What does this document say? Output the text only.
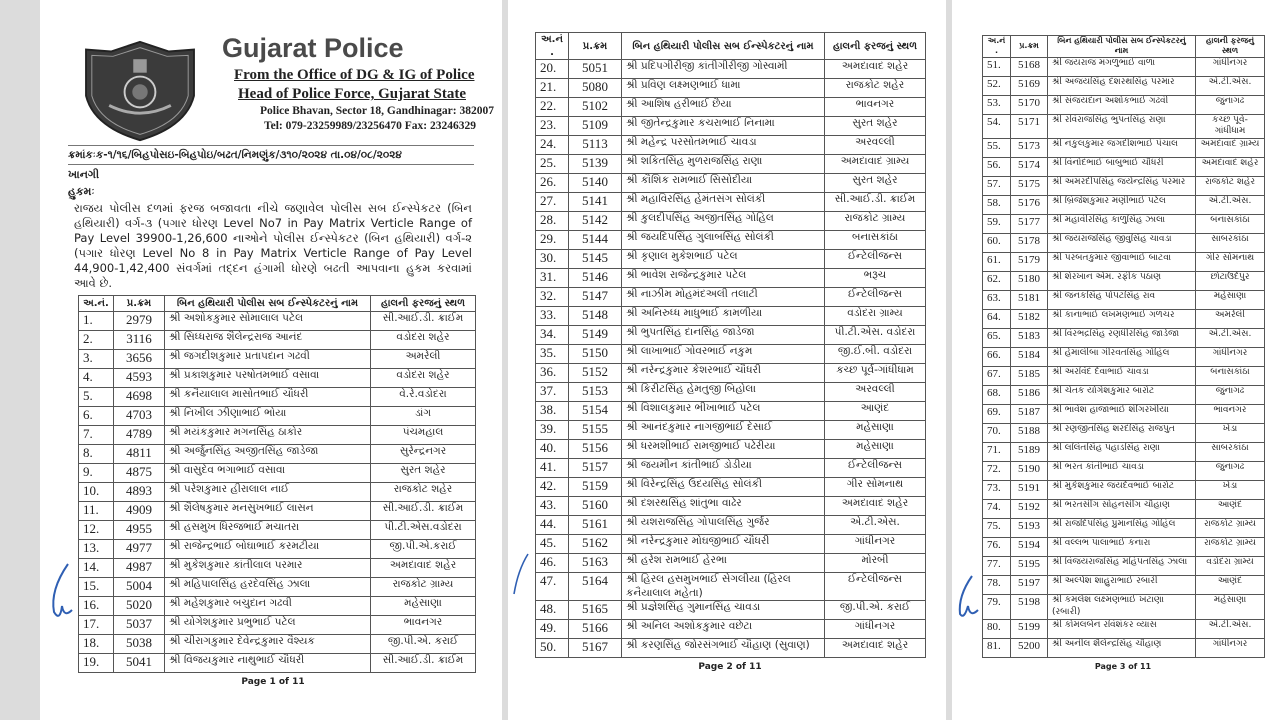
Gujarat Police
From the Office of DG & IG of Police
Head of Police Force, Gujarat State
Police Bhavan, Sector 18, Gandhinagar: 382007
Tel: 079-23259989/23256470 Fax: 23246329
ક્રમાંકઃક-૧/૧૬/બિહપોસઇ-બિહપોઇ/બઢત/નિમણુંક/૩૧૦/૨૦૨૪ તા.૦૪/૦૮/૨૦૨૪
ખાનગી
હુકમઃ
રાજય પોલીસ દળમાં ફરજ બજાવતા નીચે જણાવેલ પોલીસ સબ ઈન્સ્પેકટર (બિન હથિયારી) વર્ગ-૩ (પગાર ધોરણ Level No7 in Pay Matrix Verticle Range of Pay Level 39900-1,26,600 નાઓને પોલીસ ઈન્સ્પેકટર (બિન હથિયારી) વર્ગ-૨ (પગાર ધોરણ Level No 8 in Pay Matrix Verticle Range of Pay Level 44,900-1,42,400 સંવર્ગમાં તદ્દન હંગામી ધોરણે બઢતી આપવાના હુકમ કરવામાં આવે છે.
અ.નં.	પ્ર.ક્રમ	બિન હથિયારી પોલીસ સબ ઈન્સ્પેકટરનું નામ	હાલની ફરજનું સ્થળ
1.	2979	શ્રી અશોકકુમાર સોમાલાલ પટેલ	સી.આઈ.ડી. ક્રાઈમ
2.	3116	શ્રી સિધ્ધરાજ શૈલેન્દ્રરાજ આનંદ	વડોદરા શહેર
3.	3656	શ્રી જગદીશકુમાર પ્રતાપદાન ગઢવી	અમરેલી
4.	4593	શ્રી પ્રકાશકુમાર પરષોતમભાઈ વસાવા	વડોદરા શહેર
5.	4698	શ્રી કનૈયાલાલ માસોતભાઈ ચૌધરી	વે.રે.વડોદરા
6.	4703	શ્રી નિખીલ ઝીણાભાઈ ભોયા	ડાંગ
7.	4789	શ્રી મયંકકુમાર મગનસિંહ ઠાકોર	પંચમહાલ
8.	4811	શ્રી અર્જુનસિંહ અજીતસિંહ જાડેજા	સુરેન્દ્રનગર
9.	4875	શ્રી વાસુદેવ ભગાભાઈ વસાવા	સુરત શહેર
10.	4893	શ્રી પરેશકુમાર હીરાલાલ નાઈ	રાજકોટ શહેર
11.	4909	શ્રી શૈલેષકુમાર મનસુખભાઈ લાસન	સી.આઈ.ડી. ક્રાઈમ
12.	4955	શ્રી હસમુખ ધિરજભાઈ મચાતરા	પી.ટી.એસ.વડોદરા
13.	4977	શ્રી રાજેન્દ્રભાઈ બોઘાભાઈ કરમટીયા	જી.પી.એ.કરાઈ
14.	4987	શ્રી મુકેશકુમાર કાંતીલાલ પરમાર	અમદાવાદ શહેર
15.	5004	શ્રી મહિપાલસિંહ હરદેવસિંહ ઝાલા	રાજકોટ ગ્રામ્ય
16.	5020	શ્રી મહેશકુમાર બચુદાન ગઢવી	મહેસાણા
17.	5037	શ્રી યોગેશકુમાર પ્રભુભાઈ પટેલ	ભાવનગર
18.	5038	શ્રી ચીરાગકુમાર દેવેન્દ્રકુમાર વૈશ્યક	જી.પી.એ. કરાઈ
19.	5041	શ્રી વિજયકુમાર નાથુભાઈ ચૌધરી	સી.આઈ.ડી. ક્રાઈમ
Page 1 of 11
અ.નં.	પ્ર.ક્રમ	બિન હથિયારી પોલીસ સબ ઈન્સ્પેકટરનું નામ	હાલની ફરજનું સ્થળ
20.	5051	શ્રી પ્રદિપગીરીજી કાંતીગીરીજી ગોસ્વામી	અમદાવાદ શહેર
21.	5080	શ્રી પ્રવિણ લક્ષ્મણભાઈ ધામા	રાજકોટ શહેર
22.	5102	શ્રી આશિષ હરીભાઈ છૈયા	ભાવનગર
23.	5109	શ્રી જીતેન્દ્રકુમાર કચરાભાઈ નિનામા	સુરત શહેર
24.	5113	શ્રી મહેન્દ્ર પરસોતમભાઈ ચાવડા	અરવલ્લી
25.	5139	શ્રી શકિતસિંહ મુળરાજસિંહ રાણા	અમદાવાદ ગ્રામ્ય
26.	5140	શ્રી કૌશિક રામભાઈ સિસોદીયા	સુરત શહેર
27.	5141	શ્રી મહાવિરસિંહ હેમંતસંગ સોલંકી	સી.આઈ.ડી. ક્રાઈમ
28.	5142	શ્રી કુલદીપસિંહ અજીતસિંહ ગોહિલ	રાજકોટ ગ્રામ્ય
29.	5144	શ્રી જયદિપસિંહ ગુલાબસિંહ સોલંકી	બનાસકાંઠા
30.	5145	શ્રી કૃણાલ મુકેશભાઈ પટેલ	ઈન્ટેલીજન્સ
31.	5146	શ્રી ભાવેશ રાજેન્દ્રકુમાર પટેલ	ભરૂચ
32.	5147	શ્રી નાઝીમ મોહમંદઅલી તલાટી	ઈન્ટેલીજન્સ
33.	5148	શ્રી અનિરુધ્ધ માધુભાઈ કામળીયા	વડોદરા ગ્રામ્ય
34.	5149	શ્રી ભુપતસિંહ દાનસિંહ જાડેજા	પી.ટી.એસ. વડોદરા
35.	5150	શ્રી લાખાભાઈ ગોવરભાઈ નકુમ	જી.ઈ.બી. વડોદરા
36.	5152	શ્રી નરેન્દ્રકુમાર કેશરભાઈ ચૌધરી	કચ્છ પૂર્વ-ગાંધીધામ
37.	5153	શ્રી કિરીટસિંહ હેમતુજી બિહોલા	અરવલ્લી
38.	5154	શ્રી વિશાલકુમાર ભીખાભાઈ પટેલ	આણંદ
39.	5155	શ્રી આનંદકુમાર નાગજીભાઈ દેસાઈ	મહેસાણા
40.	5156	શ્રી ધરમશીભાઈ રામજીભાઈ પઢેરીયા	મહેસાણા
41.	5157	શ્રી જયમીન કાંતીભાઈ ડોડીયા	ઈન્ટેલીજન્સ
42.	5159	શ્રી વિરેન્દ્રસિંહ ઉદયસિંહ સોલંકી	ગીર સોમનાથ
43.	5160	શ્રી દશરથસિંહ શાંતુભા વાઢેર	અમદાવાદ શહેર
44.	5161	શ્રી યશરાજસિંહ ગોપાલસિંહ ગુર્જર	એ.ટી.એસ.
45.	5162	શ્રી નરેન્દ્રકુમાર મોઘજીભાઈ ચૌધરી	ગાંધીનગર
46.	5163	શ્રી હરેશ રામભાઈ હેરભા	મોરબી
47.	5164	શ્રી હિરલ હસમુખભાઈ સેગલીયા (હિરલ કનૈયાલાલ મહેતા)	ઈન્ટેલીજન્સ
48.	5165	શ્રી પ્રજ્ઞેશસિંહ ગુમાનસિંહ ચાવડા	જી.પી.એ. કરાઈ
49.	5166	શ્રી અનિલ અશોકકુમાર વછેટા	ગાંધીનગર
50.	5167	શ્રી કરણસિંહ જોરસંગભાઈ ચૌહાણ (સુવાણ)	અમદાવાદ શહેર
Page 2 of 11
અ.નં.	પ્ર.ક્રમ	બિન હથિયારી પોલીસ સબ ઈન્સ્પેકટરનું નામ	હાલની ફરજનું સ્થળ
51.	5168	શ્રી જયરાજ મગળુભાઈ વાળા	ગાંધીનગર
52.	5169	શ્રી અજયસિંહ દશરથસિંહ પરમાર	એ.ટી.એસ.
53.	5170	શ્રી સંજયદાન અશોકભાઈ ગઢવી	જુનાગઢ
54.	5171	શ્રી રવિરાજસિંહ ભુપતસિંહ રાણા	કચ્છ પૂર્વ-ગાંધીધામ
55.	5173	શ્રી નકુલકુમાર જગદીશભાઈ પંચાલ	અમદાવાદ ગ્રામ્ય
56.	5174	શ્રી વિનોદભાઈ બાબુભાઈ ચૌધરી	અમદાવાદ શહેર
57.	5175	શ્રી અમરદીપસિંહ જયેન્દ્રસિંહ પરમાર	રાજકોટ શહેર
58.	5176	શ્રી બ્રિજેશકુમાર મણીભાઈ પટેલ	એ.ટી.એસ.
59.	5177	શ્રી મહાવીરસિંહ કાળુસિંહ ઝાલા	બનાસકાંઠા
60.	5178	શ્રી જયરાજસિંહ જીવુસિંહ ચાવડા	સાબરકાંઠા
61.	5179	શ્રી પરબતકુમાર જીવાભાઈ બાટવા	ગીર સોમનાથ
62.	5180	શ્રી શેરખાન એમ. રફીક પઠાણ	છોટાઉદેપુર
63.	5181	શ્રી જનકસિંહ પોપટસિંહ રાવ	મહેસાણા
64.	5182	શ્રી કાનાભાઈ લખમણભાઈ ગળચર	અમરેલી
65.	5183	શ્રી વિરભદ્રસિંહ રણધીરસિંહ જાડેજા	એ.ટી.એસ.
66.	5184	શ્રી હેમાલીબા ગીરવતસિંહ ગોહિલ	ગાંધીનગર
67.	5185	શ્રી અરવિંદ દેવાભાઈ ચાવડા	બનાસકાંઠા
68.	5186	શ્રી ચેતક યોગેશકુમાર બારોટ	જુનાગઢ
69.	5187	શ્રી ભાવેશ હાજાભાઈ શીંગરખીયા	ભાવનગર
70.	5188	શ્રી રણજીતસિંહ શરદસિંહ રાજપુત	ખેડા
71.	5189	શ્રી લલિતસિંહ પહાડસિંહ રાણા	સાબરકાંઠા
72.	5190	શ્રી ભરત કાંતીભાઈ ચાવડા	જુનાગઢ
73.	5191	શ્રી મુકેશકુમાર જયદેવભાઈ બારોટ	ખેડા
74.	5192	શ્રી ભરતસીંગ સોહનસીંગ ચૌહાણ	આણંદ
75.	5193	શ્રી રાજદિપસિંહ પ્રુમાનસિંહ ગોહિલ	રાજકોટ ગ્રામ્ય
76.	5194	શ્રી વલ્લભ પાલાભાઈ કનારા	રાજકોટ ગ્રામ્ય
77.	5195	શ્રી વિજયરાજસિંહ મહિપતસિંહ ઝાલા	વડોદરા ગ્રામ્ય
78.	5197	શ્રી અલ્પેશ શાહુરાભાઈ રબારી	આણંદ
79.	5198	શ્રી કમલેશ લક્ષ્મણભાઈ ખટાણા (રબારી)	મહેસાણા
80.	5199	શ્રી કોમલબેન રવિશંકર વ્યાસ	એ.ટી.એસ.
81.	5200	શ્રી અનીલ શૈલેન્દ્રસિંહ ચૌહાણ	ગાંધીનગર
Page 3 of 11
